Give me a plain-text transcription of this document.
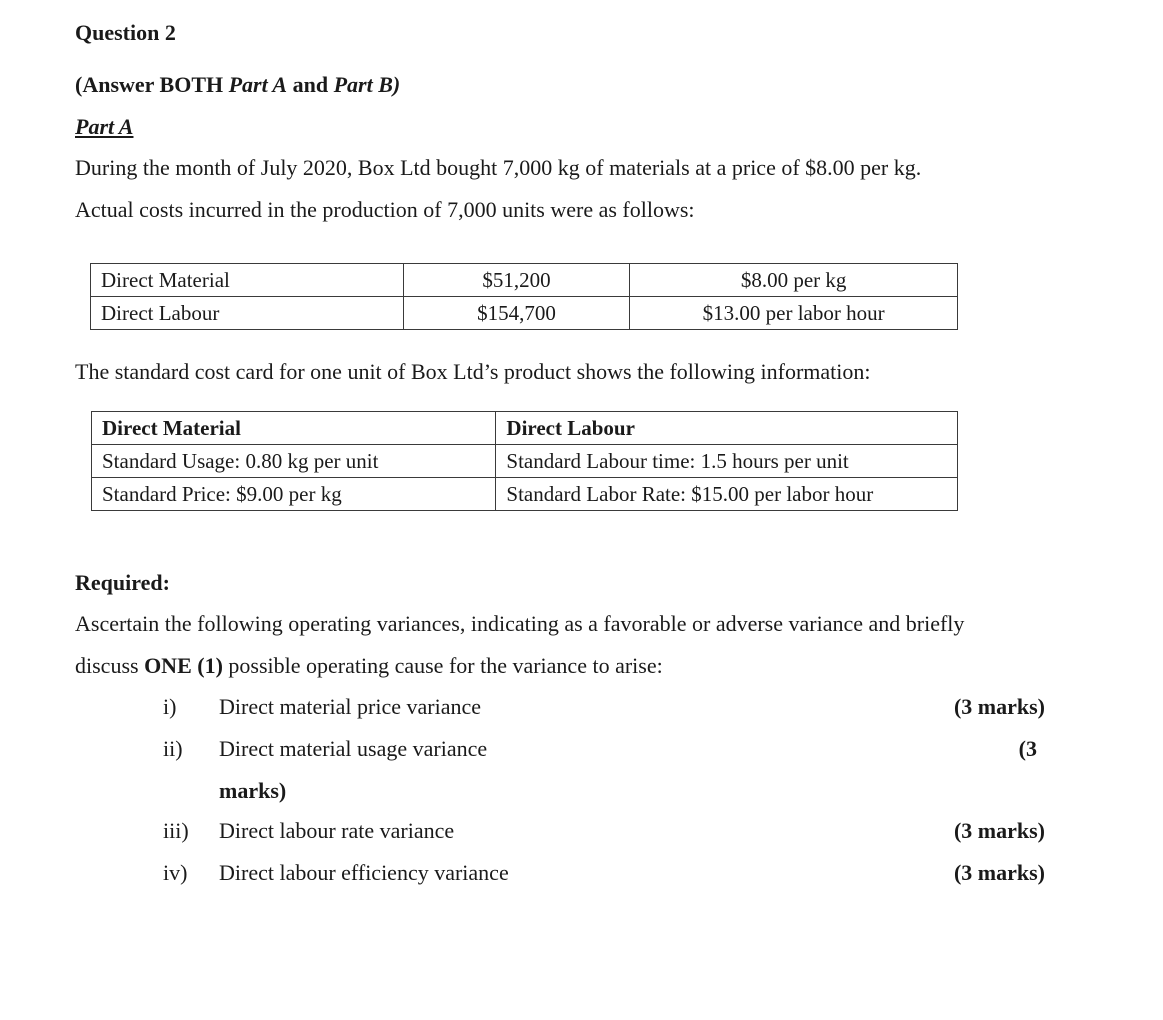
Question 2
(Answer BOTH Part A and Part B)
Part A
During the month of July 2020, Box Ltd bought 7,000 kg of materials at a price of $8.00 per kg.
Actual costs incurred in the production of 7,000 units were as follows:
Direct Material	$51,200	$8.00 per kg
Direct Labour	$154,700	$13.00 per labor hour
The standard cost card for one unit of Box Ltd’s product shows the following information:
Direct Material	Direct Labour
Standard Usage: 0.80 kg per unit	Standard Labour time: 1.5 hours per unit
Standard Price: $9.00 per kg	Standard Labor Rate: $15.00 per labor hour
Required:
Ascertain the following operating variances, indicating as a favorable or adverse variance and briefly
discuss ONE (1) possible operating cause for the variance to arise:
i) Direct material price variance	(3 marks)
ii) Direct material usage variance	(3
marks)
iii) Direct labour rate variance	(3 marks)
iv) Direct labour efficiency variance	(3 marks)
